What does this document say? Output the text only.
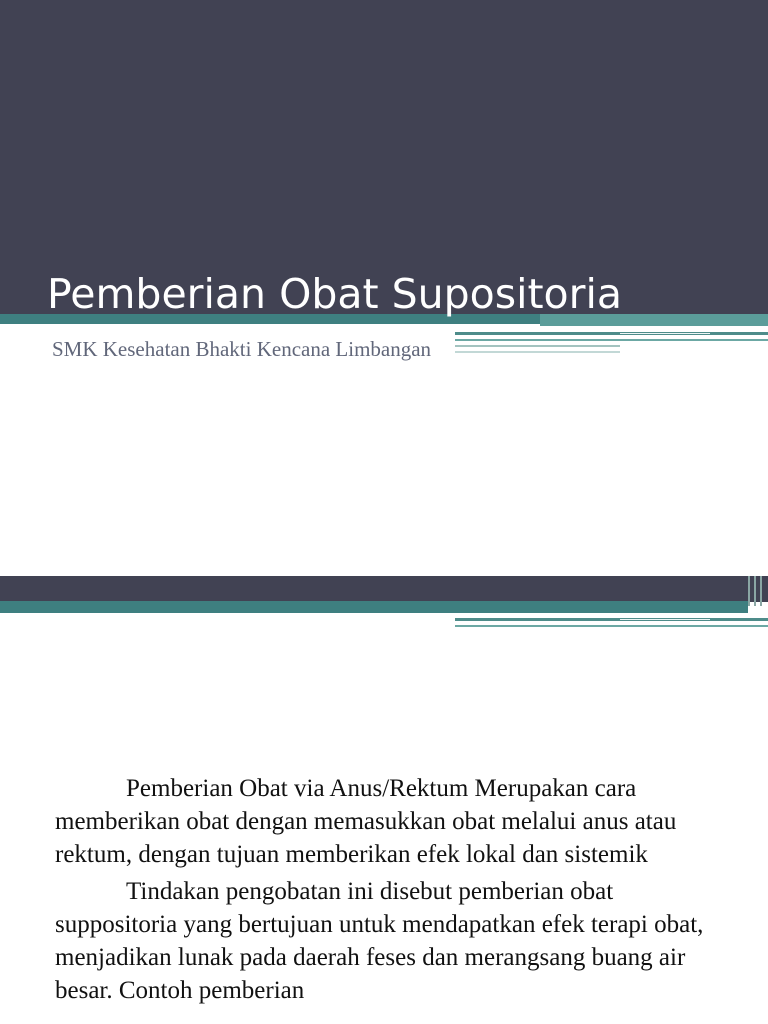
Pemberian Obat Supositoria
SMK Kesehatan Bhakti Kencana Limbangan

Pemberian Obat via Anus/Rektum Merupakan cara memberikan obat dengan memasukkan obat melalui anus atau rektum, dengan tujuan memberikan efek lokal dan sistemik

Tindakan pengobatan ini disebut pemberian obat suppositoria yang bertujuan untuk mendapatkan efek terapi obat, menjadikan lunak pada daerah feses dan merangsang buang air besar. Contoh pemberian
